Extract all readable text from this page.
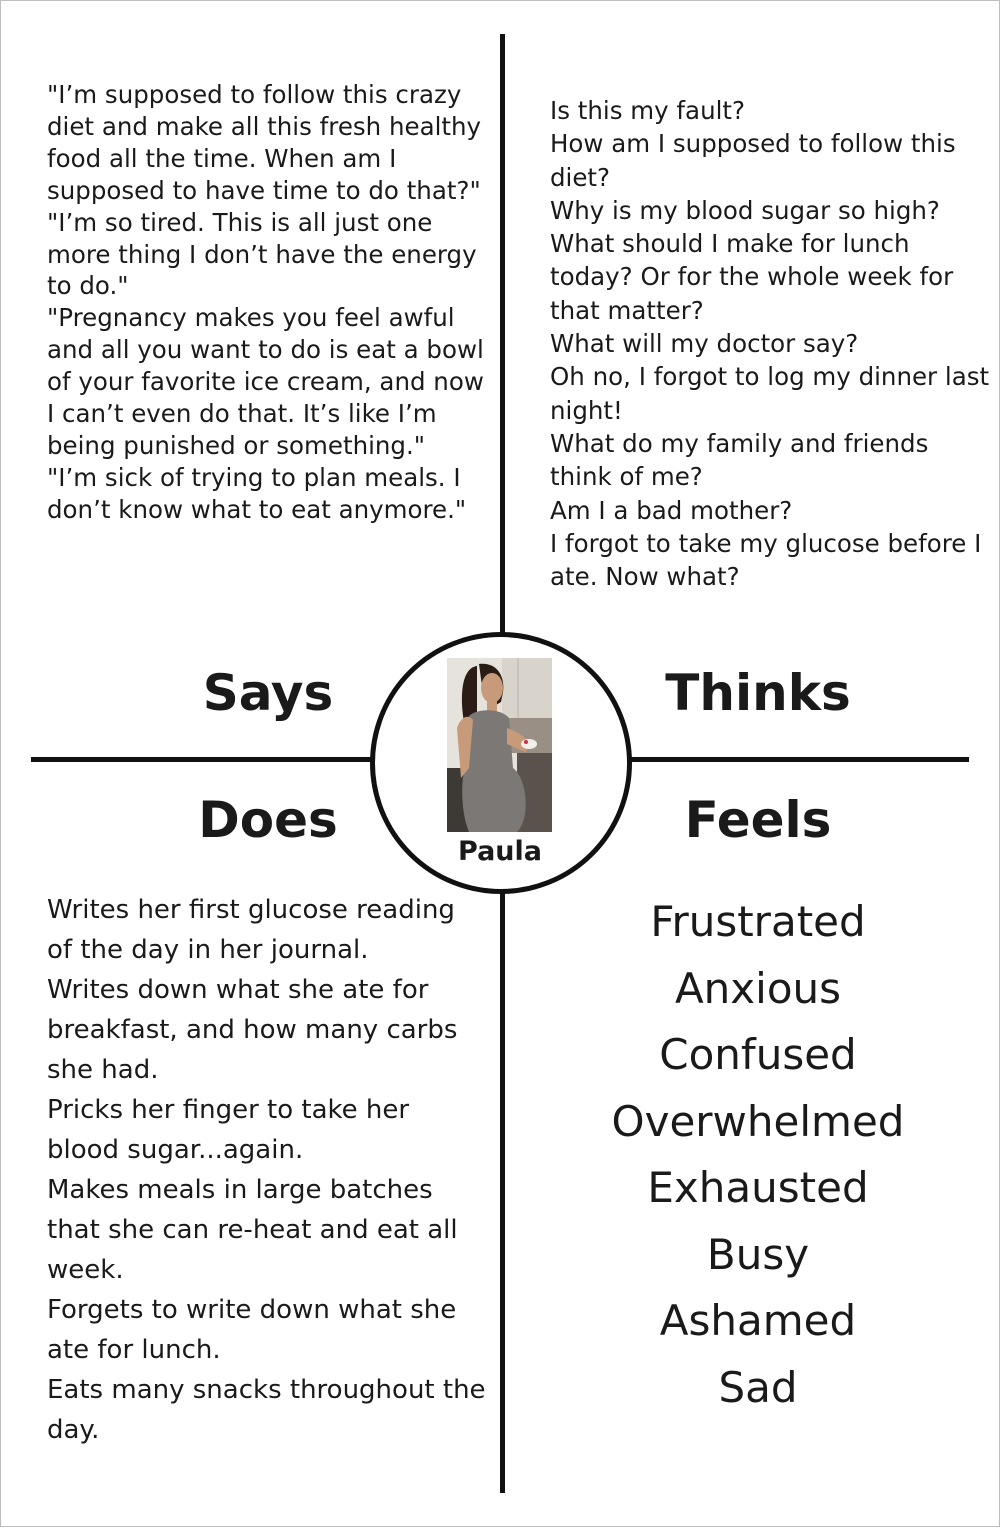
Paula
Says	Thinks
Does	Feels
"I’m supposed to follow this crazy diet and make all this fresh healthy food all the time. When am I supposed to have time to do that?"
"I’m so tired. This is all just one more thing I don’t have the energy to do."
"Pregnancy makes you feel awful and all you want to do is eat a bowl of your favorite ice cream, and now I can’t even do that. It’s like I’m being punished or something."
"I’m sick of trying to plan meals. I don’t know what to eat anymore."
Is this my fault?
How am I supposed to follow this diet?
Why is my blood sugar so high?
What should I make for lunch today? Or for the whole week for that matter?
What will my doctor say?
Oh no, I forgot to log my dinner last night!
What do my family and friends think of me?
Am I a bad mother?
I forgot to take my glucose before I ate. Now what?
Writes her first glucose reading of the day in her journal.
Writes down what she ate for breakfast, and how many carbs she had.
Pricks her finger to take her blood sugar...again.
Makes meals in large batches that she can re-heat and eat all week.
Forgets to write down what she ate for lunch.
Eats many snacks throughout the day.
Frustrated
Anxious
Confused
Overwhelmed
Exhausted
Busy
Ashamed
Sad
